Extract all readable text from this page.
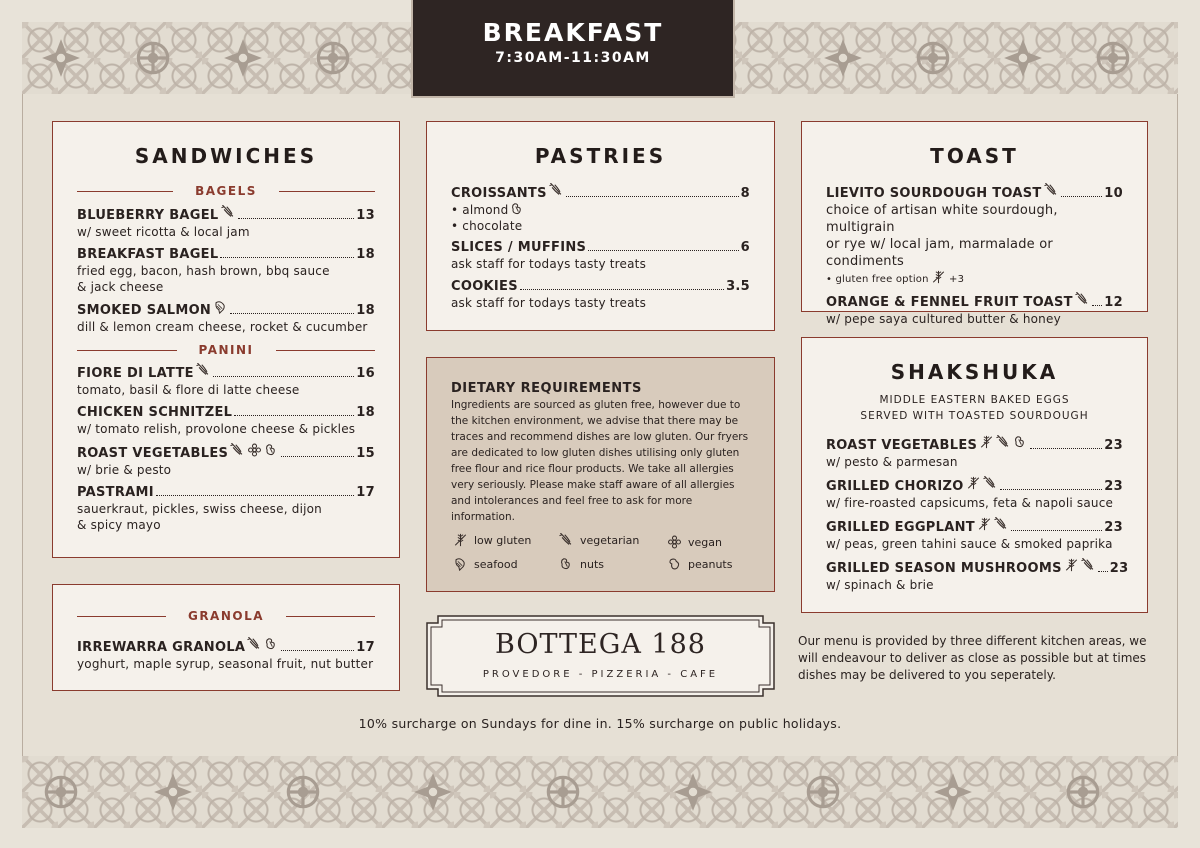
BREAKFAST
7:30AM-11:30AM
SANDWICHES
BAGELS
BLUEBERRY BAGEL	13
w/ sweet ricotta & local jam
BREAKFAST BAGEL	18
fried egg, bacon, hash brown, bbq sauce
& jack cheese
SMOKED SALMON	18
dill & lemon cream cheese, rocket & cucumber
PANINI
FIORE DI LATTE	16
tomato, basil & flore di latte cheese
CHICKEN SCHNITZEL	18
w/ tomato relish, provolone cheese & pickles
ROAST VEGETABLES	15
w/ brie & pesto
PASTRAMI	17
sauerkraut, pickles, swiss cheese, dijon
& spicy mayo
GRANOLA
IRREWARRA GRANOLA	17
yoghurt, maple syrup, seasonal fruit, nut butter
PASTRIES
CROISSANTS	8
• almond
• chocolate
SLICES / MUFFINS	6
ask staff for todays tasty treats
COOKIES	3.5
ask staff for todays tasty treats
DIETARY REQUIREMENTS

Ingredients are sourced as gluten free, however due to the kitchen environment, we advise that there may be traces and recommend dishes are low gluten. Our fryers are dedicated to low gluten dishes utilising only gluten free flour and rice flour products. We take all allergies very seriously. Please make staff aware of all allergies and intolerances and feel free to ask for more information.

low gluten	vegetarian	vegan
seafood	nuts	peanuts
BOTTEGA 188
PROVEDORE - PIZZERIA - CAFE
TOAST
LIEVITO SOURDOUGH TOAST	10
choice of artisan white sourdough, multigrain
or rye w/ local jam, marmalade or condiments
• gluten free option +3
ORANGE & FENNEL FRUIT TOAST 12
w/ pepe saya cultured butter & honey
SHAKSHUKA
MIDDLE EASTERN BAKED EGGS
SERVED WITH TOASTED SOURDOUGH
ROAST VEGETABLES	23
w/ pesto & parmesan
GRILLED CHORIZO	23
w/ fire-roasted capsicums, feta & napoli sauce
GRILLED EGGPLANT	23
w/ peas, green tahini sauce & smoked paprika
GRILLED SEASON MUSHROOMS	23
w/ spinach & brie
Our menu is provided by three different kitchen areas, we will endeavour to deliver as close as possible but at times dishes may be delivered to you seperately.
10% surcharge on Sundays for dine in. 15% surcharge on public holidays.
